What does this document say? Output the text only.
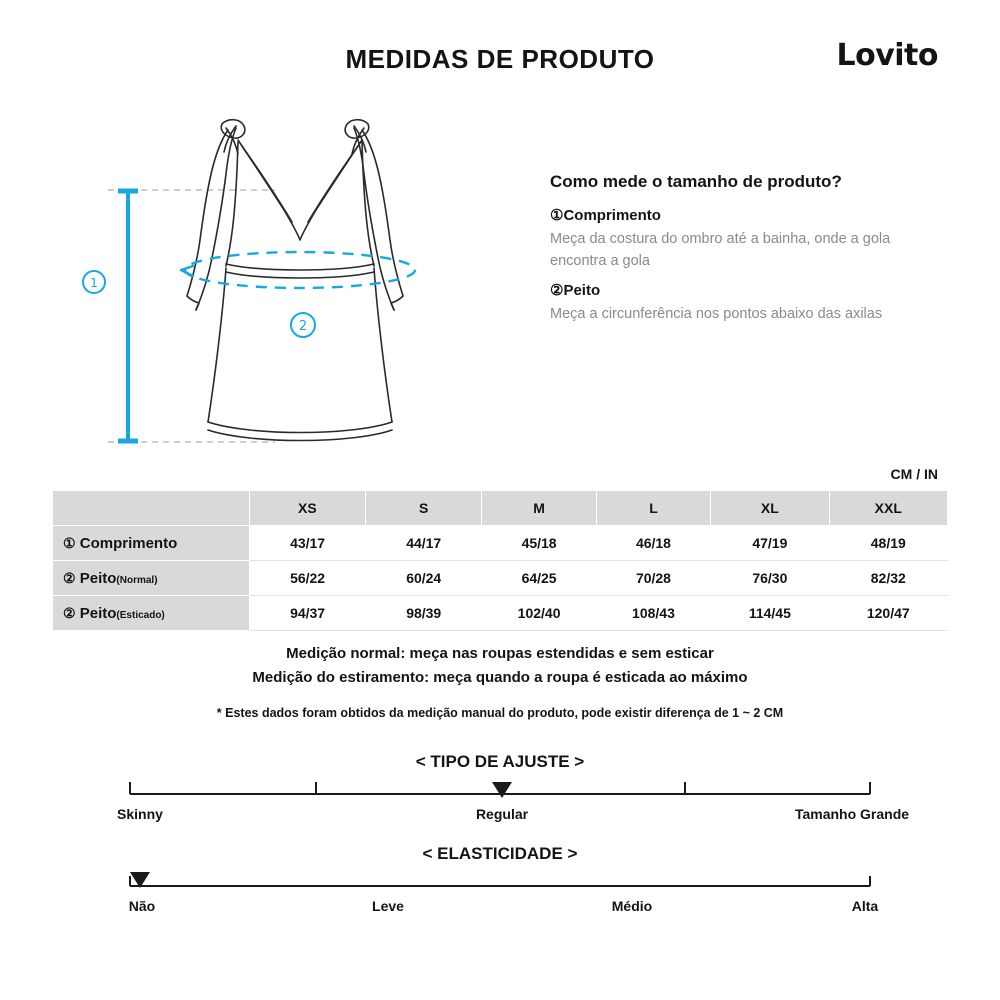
MEDIDAS DE PRODUTO	Lovito
1
2
Como mede o tamanho de produto?
①Comprimento
Meça da costura do ombro até a bainha, onde a gola encontra a gola
②Peito
Meça a circunferência nos pontos abaixo das axilas
CM / IN
	XS	S	M	L	XL	XXL
① Comprimento	43/17	44/17	45/18	46/18	47/19	48/19
② Peito(Normal)	56/22	60/24	64/25	70/28	76/30	82/32
② Peito(Esticado)	94/37	98/39	102/40	108/43	114/45	120/47
Medição normal: meça nas roupas estendidas e sem esticar
Medição do estiramento: meça quando a roupa é esticada ao máximo
* Estes dados foram obtidos da medição manual do produto, pode existir diferença de 1 ~ 2 CM
< TIPO DE AJUSTE >
Skinny	Regular	Tamanho Grande
< ELASTICIDADE >
Não	Leve	Médio	Alta
